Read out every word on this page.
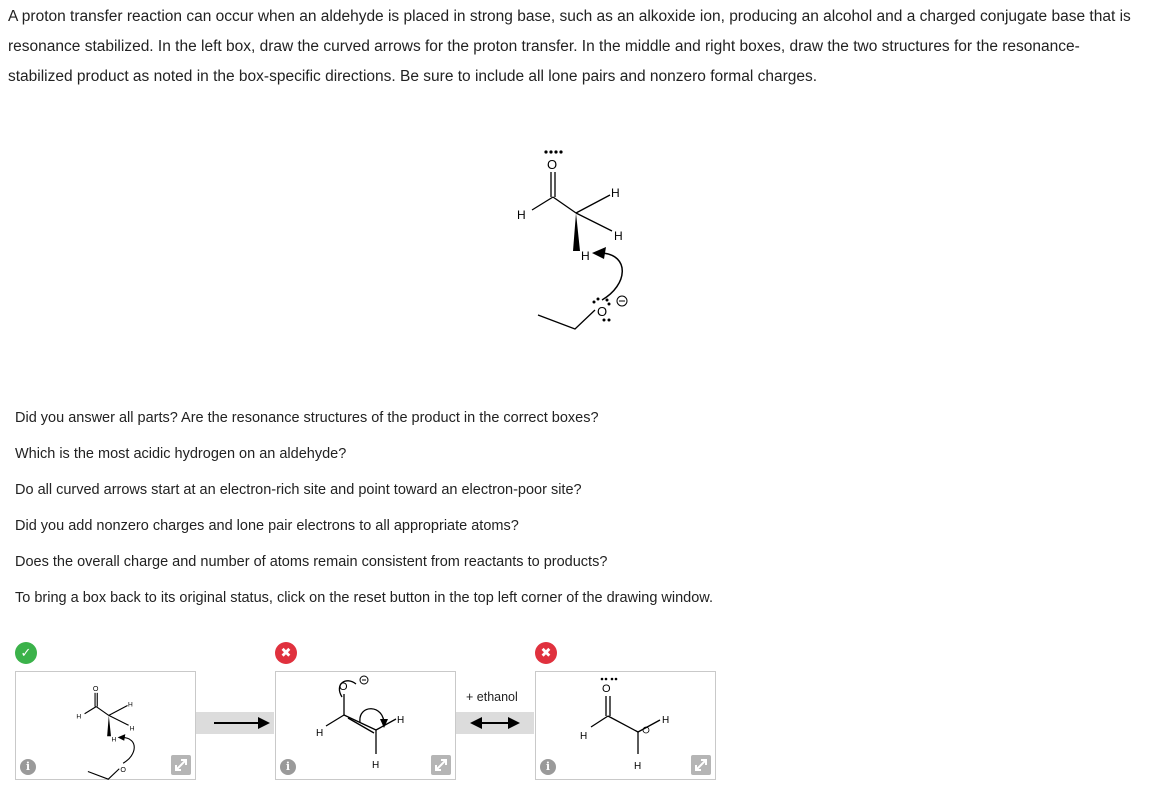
A proton transfer reaction can occur when an aldehyde is placed in strong base, such as an alkoxide ion, producing an alcohol and a charged conjugate base that is resonance stabilized. In the left box, draw the curved arrows for the proton transfer. In the middle and right boxes, draw the two structures for the resonance-stabilized product as noted in the box-specific directions. Be sure to include all lone pairs and nonzero formal charges.

O
H
H
H
H
O

Did you answer all parts? Are the resonance structures of the product in the correct boxes?

Which is the most acidic hydrogen on an aldehyde?

Do all curved arrows start at an electron-rich site and point toward an electron-poor site?

Did you add nonzero charges and lone pair electrons to all appropriate atoms?

Does the overall charge and number of atoms remain consistent from reactants to products?

To bring a box back to its original status, click on the reset button in the top left corner of the drawing window.

✓	✖	✖
O
H
H
H
H
O
i
O
H
H
H
i
+ ethanol
O
H
H
H
i
